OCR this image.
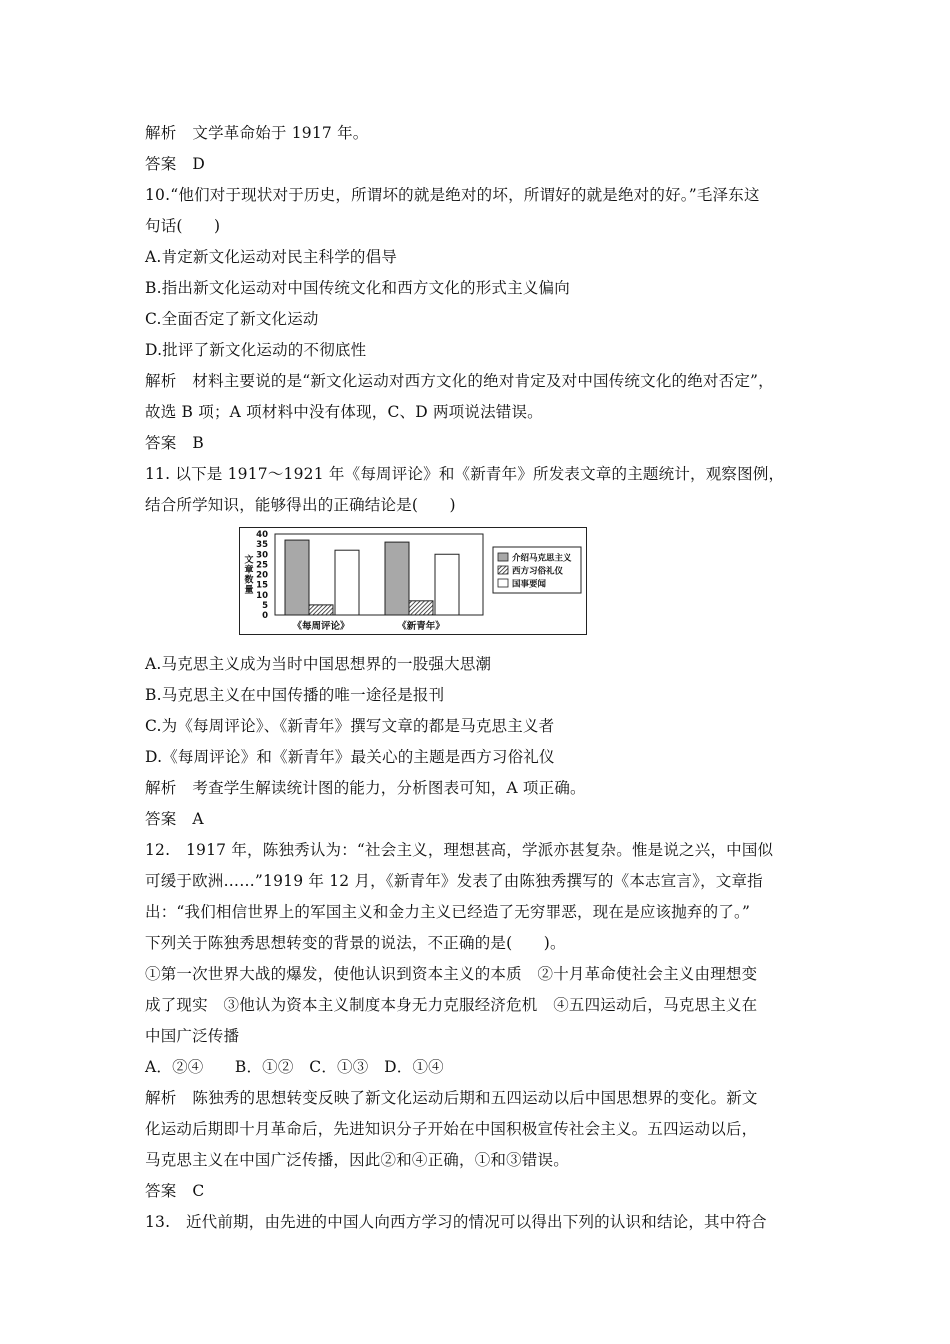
解析 文学革命始于 1917 年。
答案 D
10.“他们对于现状对于历史，所谓坏的就是绝对的坏，所谓好的就是绝对的好。”毛泽东这
句话(　　)
A.肯定新文化运动对民主科学的倡导
B.指出新文化运动对中国传统文化和西方文化的形式主义偏向
C.全面否定了新文化运动
D.批评了新文化运动的不彻底性
解析 材料主要说的是“新文化运动对西方文化的绝对肯定及对中国传统文化的绝对否定”，
故选 B 项；A 项材料中没有体现，C、D 两项说法错误。
答案 B
11. 以下是 1917～1921 年《每周评论》和《新青年》所发表文章的主题统计，观察图例，
结合所学知识，能够得出的正确结论是(　　)
40
35
30
25
20
15
10
5
0
文
章
数
量
《每周评论》	《新青年》
介绍马克思主义
西方习俗礼仪
国事要闻
A.马克思主义成为当时中国思想界的一股强大思潮
B.马克思主义在中国传播的唯一途径是报刊
C.为《每周评论》、《新青年》撰写文章的都是马克思主义者
D.《每周评论》和《新青年》最关心的主题是西方习俗礼仪
解析 考查学生解读统计图的能力，分析图表可知，A 项正确。
答案 A
12.　1917 年，陈独秀认为：“社会主义，理想甚高，学派亦甚复杂。惟是说之兴，中国似
可缓于欧洲……”1919 年 12 月，《新青年》发表了由陈独秀撰写的《本志宣言》，文章指
出：“我们相信世界上的军国主义和金力主义已经造了无穷罪恶，现在是应该抛弃的了。”
下列关于陈独秀思想转变的背景的说法，不正确的是(　　)。
①第一次世界大战的爆发，使他认识到资本主义的本质　②十月革命使社会主义由理想变
成了现实　③他认为资本主义制度本身无力克服经济危机　④五四运动后，马克思主义在
中国广泛传播
A．②④　　B．①②　C．①③　D．①④
解析 陈独秀的思想转变反映了新文化运动后期和五四运动以后中国思想界的变化。新文
化运动后期即十月革命后，先进知识分子开始在中国积极宣传社会主义。五四运动以后，
马克思主义在中国广泛传播，因此②和④正确，①和③错误。
答案 C
13.　近代前期，由先进的中国人向西方学习的情况可以得出下列的认识和结论，其中符合
